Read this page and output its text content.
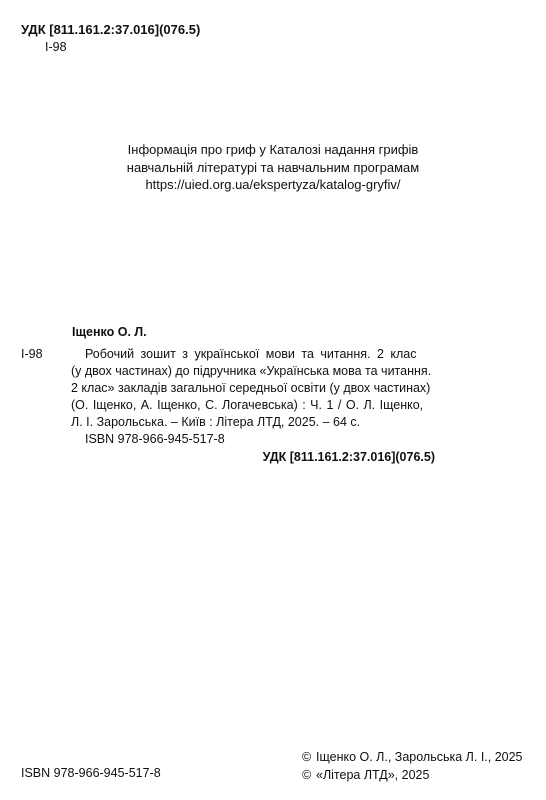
УДК [811.161.2:37.016](076.5)
І-98
Інформація про гриф у Каталозі надання грифів
навчальній літературі та навчальним програмам
https://uied.org.ua/ekspertyza/katalog-gryfiv/
Іщенко О. Л.
І-98	Робочий зошит з української мови та читання. 2 клас
(у двох частинах) до підручника «Українська мова та читання.
2 клас» закладів загальної середньої освіти (у двох частинах)
(О. Іщенко, А. Іщенко, С. Логачевська) : Ч. 1 / О. Л. Іщенко,
Л. І. Зарольська. – Київ : Літера ЛТД, 2025. – 64 с.
ISBN 978-966-945-517-8
УДК [811.161.2:37.016](076.5)
ISBN 978-966-945-517-8
© Іщенко О. Л., Зарольська Л. І., 2025
© «Літера ЛТД», 2025
